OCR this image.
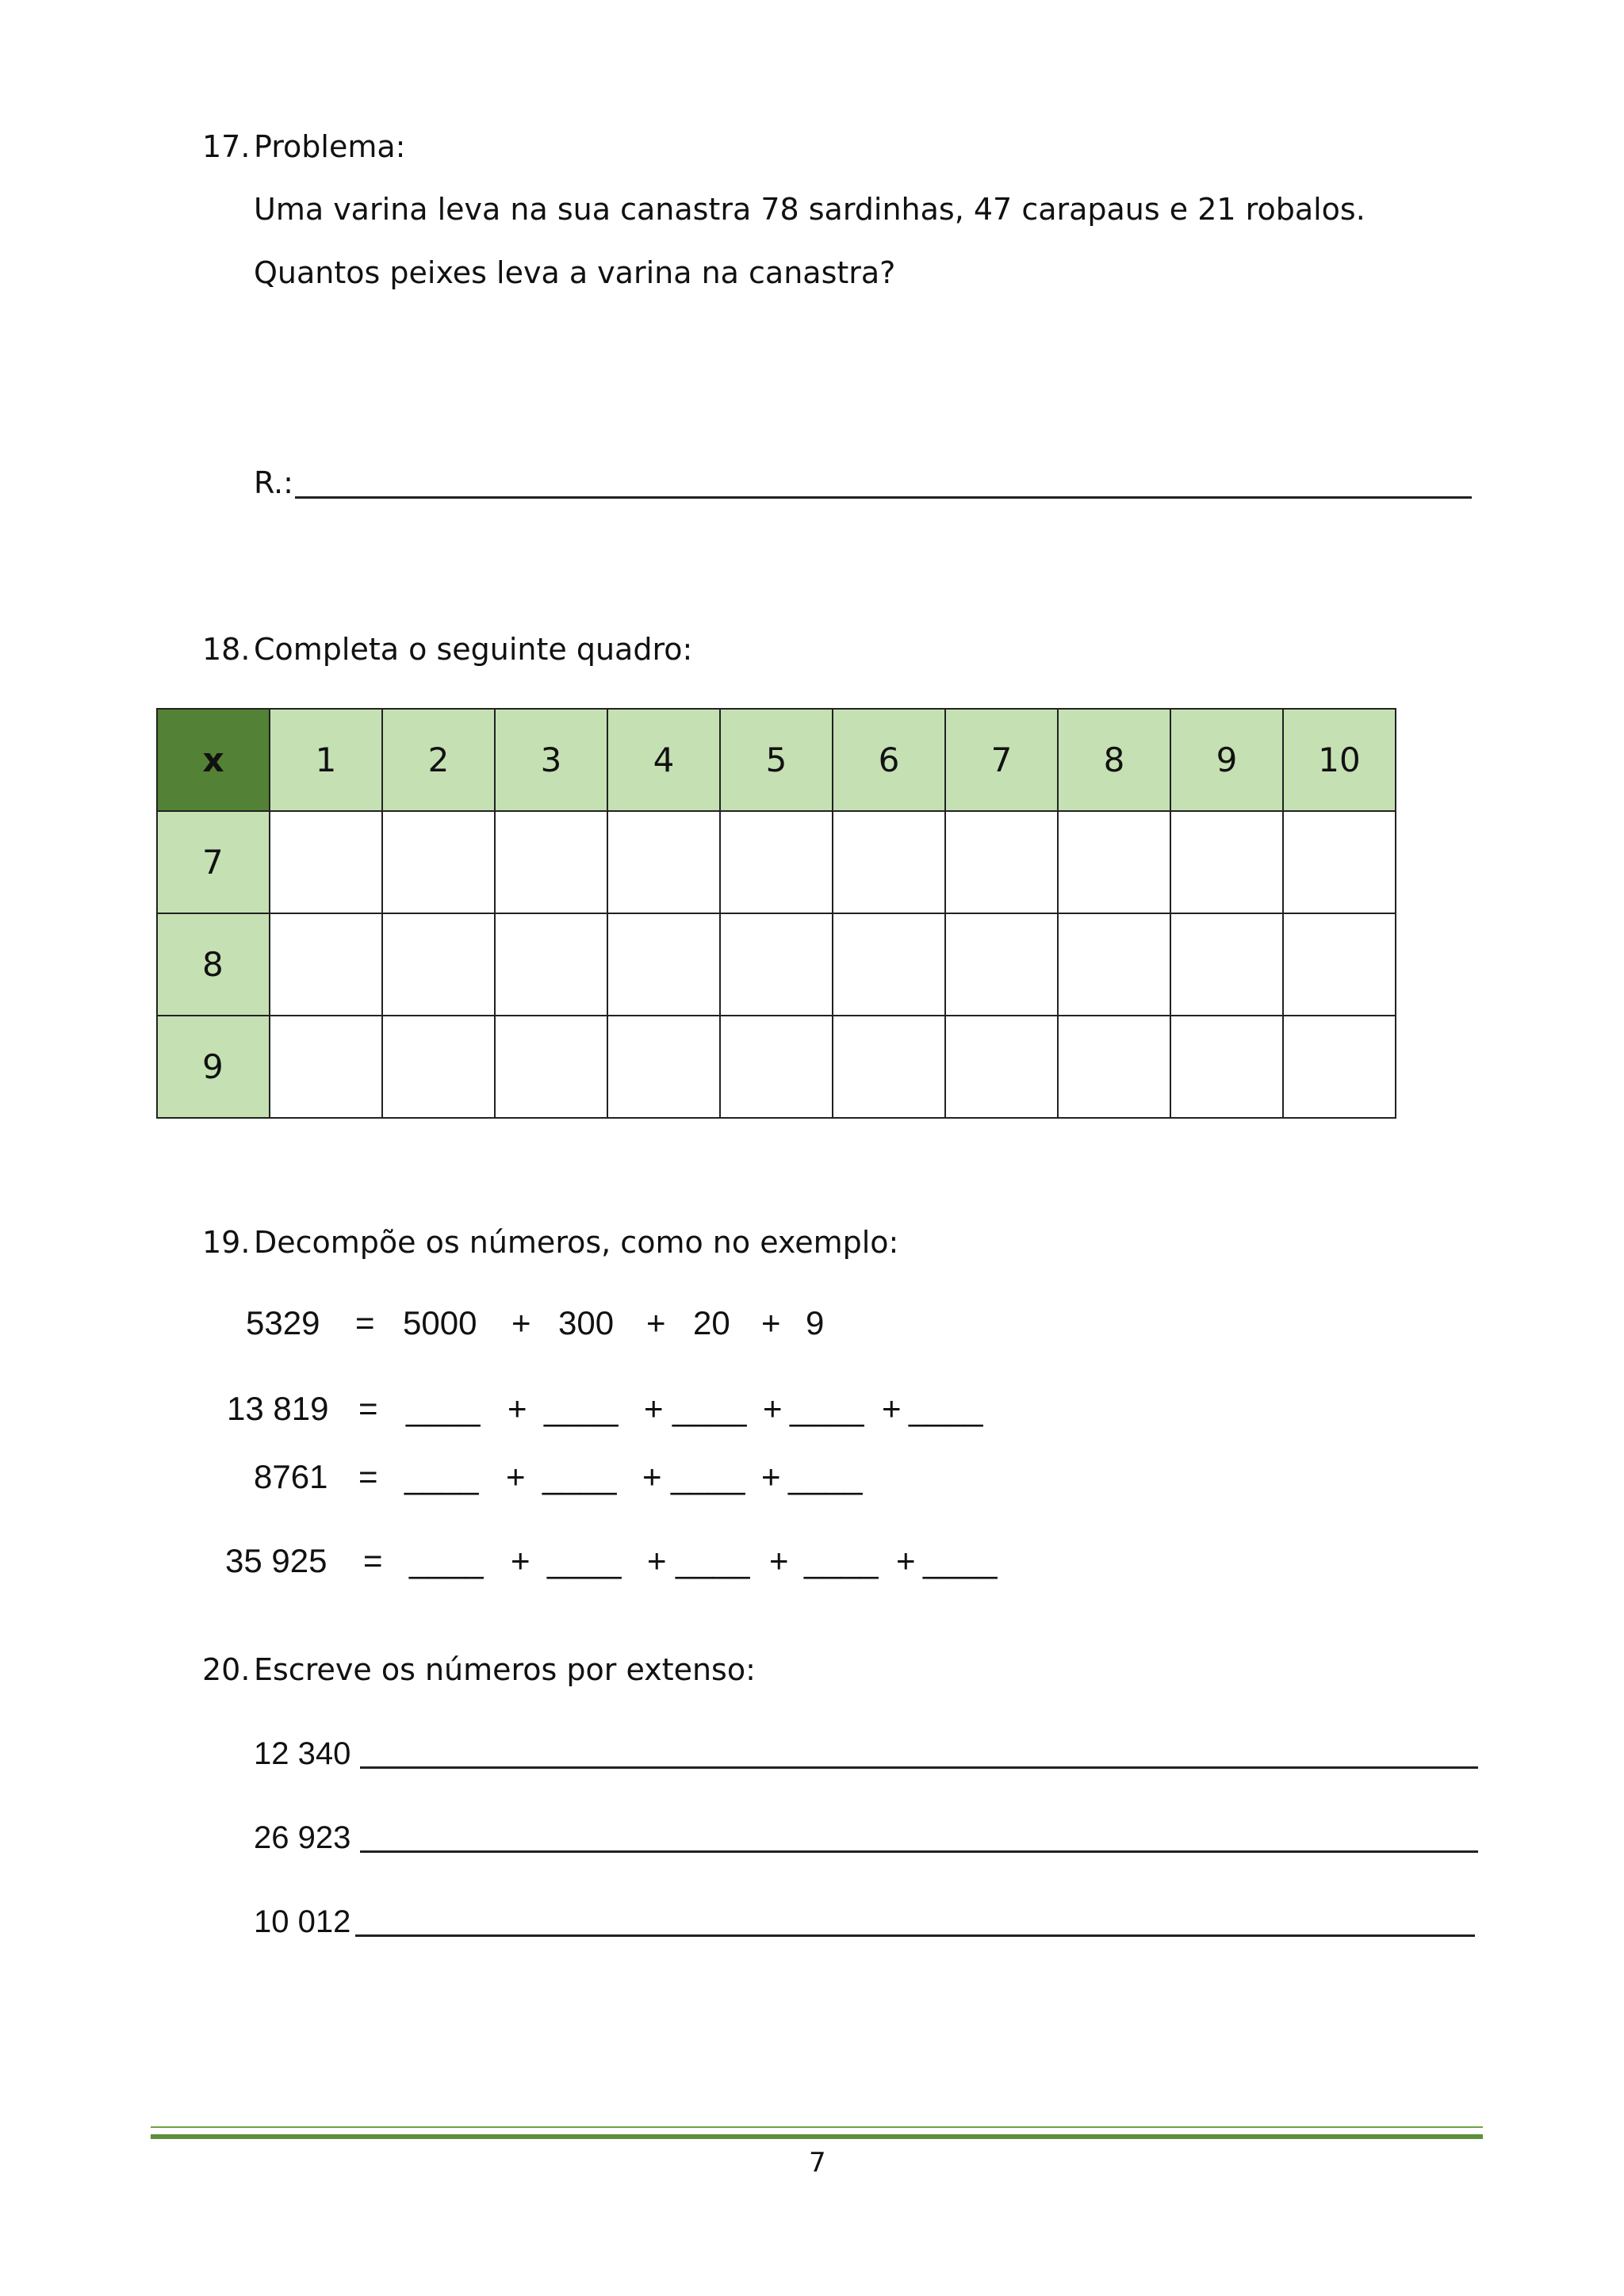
17. Problema:
Uma varina leva na sua canastra 78 sardinhas, 47 carapaus e 21 robalos.
Quantos peixes leva a varina na canastra?
R.:
18. Completa o seguinte quadro:
x	1	2	3	4	5	6	7	8	9	10
7										
8										
9										
19. Decompõe os números, como no exemplo:
5329 = 5000 + 300 + 20 + 9
13 819 = ____ + ____ + ____ + ____ + ____
8761 = ____ + ____ + ____ + ____
35 925 = ____ + ____ + ____ + ____ + ____
20. Escreve os números por extenso:
12 340
26 923
10 012
7
